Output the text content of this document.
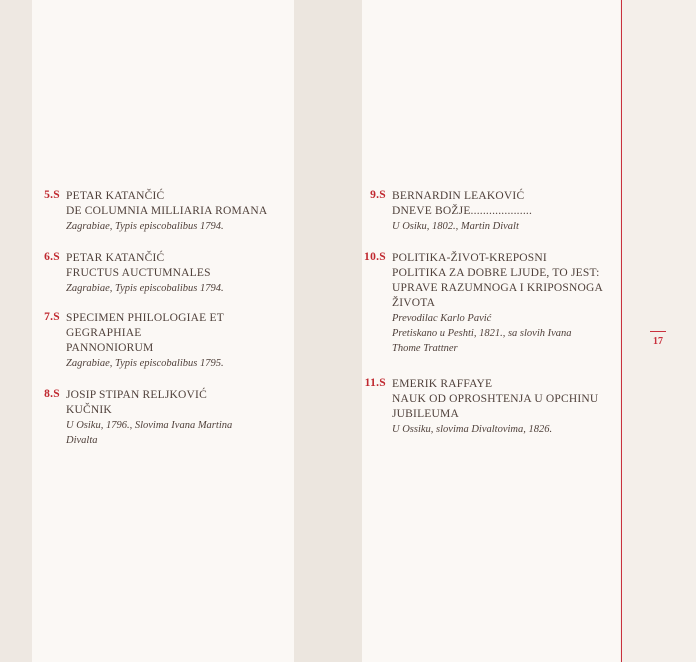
17
5.S PETAR KATANČIĆ
DE COLUMNIA MILLIARIA ROMANA
Zagrabiae, Typis episcobalibus 1794.
6.S PETAR KATANČIĆ
FRUCTUS AUCTUMNALES
Zagrabiae, Typis episcobalibus 1794.
7.S SPECIMEN PHILOLOGIAE ET
GEGRAPHIAE
PANNONIORUM
Zagrabiae, Typis episcobalibus 1795.
8.S JOSIP STIPAN RELJKOVIĆ
KUČNIK
U Osiku, 1796., Slovima Ivana Martina
Divalta
9.S BERNARDIN LEAKOVIĆ
DNEVE BOŽJE....................
U Osiku, 1802., Martin Divalt
10.S POLITIKA-ŽIVOT-KREPOSNI
POLITIKA ZA DOBRE LJUDE, TO JEST:
UPRAVE RAZUMNOGA I KRIPOSNOGA
ŽIVOTA
Prevodilac Karlo Pavić
Pretiskano u Peshti, 1821., sa slovih Ivana
Thome Trattner
11.S EMERIK RAFFAYE
NAUK OD OPROSHTENJA U OPCHINU
JUBILEUMA
U Ossiku, slovima Divaltovima, 1826.
